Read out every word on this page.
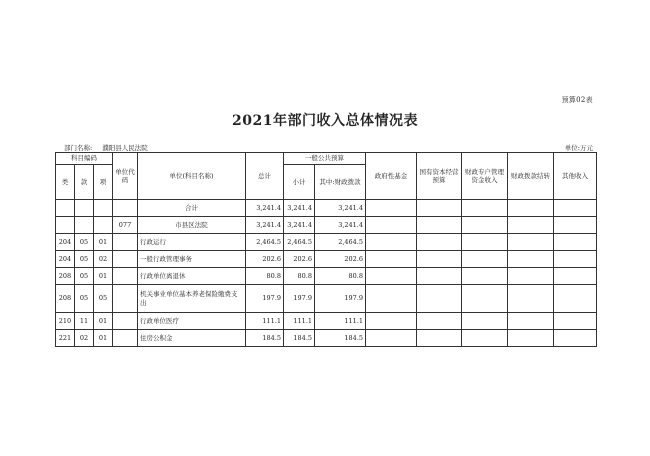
预算02表
2021年部门收入总体情况表
部门名称: 濮阳县人民法院	单位:万元
科目编码			单位代码	单位(科目名称)	总计	一般公共预算		政府性基金	国有资本经营预算	财政专户管理资金收入	财政拨款结转	其他收入
类	款	项				小计	其中:财政拨款					

				合计	3,241.4	3,241.4	3,241.4					
			077	市县区法院	3,241.4	3,241.4	3,241.4					
204	05	01		行政运行	2,464.5	2,464.5	2,464.5					
204	05	02		一般行政管理事务	202.6	202.6	202.6					
208	05	01		行政单位离退休	80.8	80.8	80.8					
208	05	05		机关事业单位基本养老保险缴费支出	197.9	197.9	197.9					
210	11	01		行政单位医疗	111.1	111.1	111.1					
221	02	01		住房公积金	184.5	184.5	184.5					
